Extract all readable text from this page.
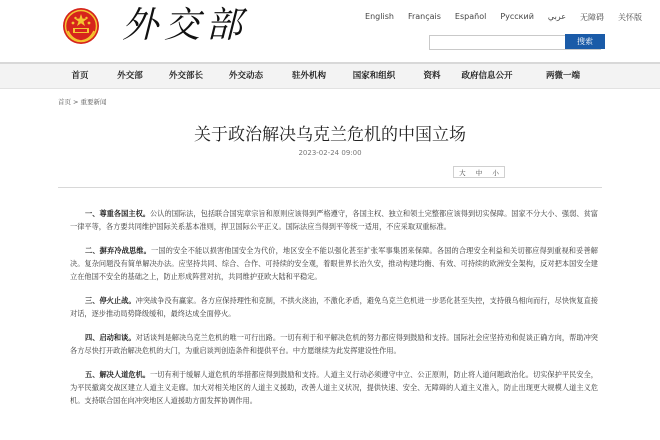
外交部	English Français Español Русский عربي 无障碍 关怀版
搜索
首页	外交部	外交部长	外交动态	驻外机构	国家和组织	资料 政府信息公开	两微一端
首页 > 重要新闻
关于政治解决乌克兰危机的中国立场
2023-02-24 09:00
大 中 小

一、尊重各国主权。公认的国际法，包括联合国宪章宗旨和原则应该得到严格遵守，各国主权、独立和领土完整都应该得到切实保障。国家不分大小、强弱、贫富一律平等，各方要共同维护国际关系基本准则，捍卫国际公平正义。国际法应当得到平等统一适用，不应采取双重标准。

二、摒弃冷战思维。一国的安全不能以损害他国安全为代价，地区安全不能以强化甚至扩张军事集团来保障。各国的合理安全利益和关切都应得到重视和妥善解决。复杂问题没有简单解决办法。应坚持共同、综合、合作、可持续的安全观，着眼世界长治久安，推动构建均衡、有效、可持续的欧洲安全架构，反对把本国安全建立在他国不安全的基础之上，防止形成阵营对抗，共同维护亚欧大陆和平稳定。

三、停火止战。冲突战争没有赢家。各方应保持理性和克制，不拱火浇油，不激化矛盾，避免乌克兰危机进一步恶化甚至失控，支持俄乌相向而行，尽快恢复直接对话，逐步推动局势降级缓和，最终达成全面停火。

四、启动和谈。对话谈判是解决乌克兰危机的唯一可行出路。一切有利于和平解决危机的努力都应得到鼓励和支持。国际社会应坚持劝和促谈正确方向，帮助冲突各方尽快打开政治解决危机的大门，为重启谈判创造条件和提供平台。中方愿继续为此发挥建设性作用。

五、解决人道危机。一切有利于缓解人道危机的举措都应得到鼓励和支持。人道主义行动必须遵守中立、公正原则，防止将人道问题政治化。切实保护平民安全，为平民撤离交战区建立人道主义走廊。加大对相关地区的人道主义援助，改善人道主义状况，提供快速、安全、无障碍的人道主义准入，防止出现更大规模人道主义危机。支持联合国在向冲突地区人道援助方面发挥协调作用。
